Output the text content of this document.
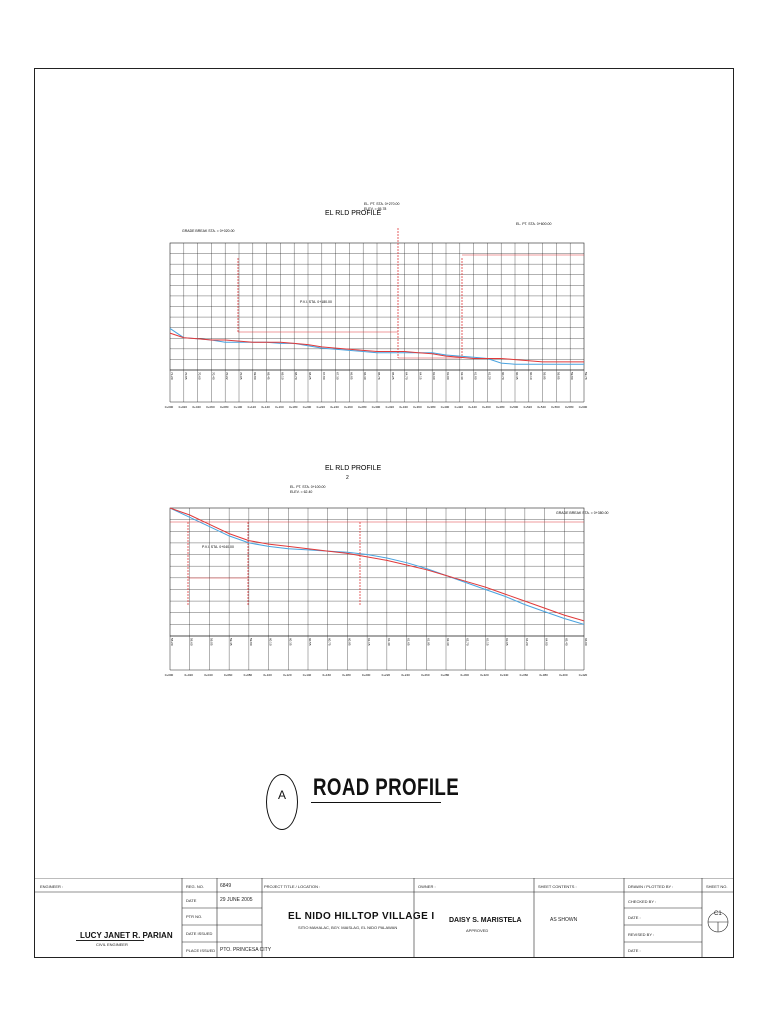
EL RLD PROFILE
EL. PT. STA. 0+270.00
ELEV. = 65.78
GRADE BREAK STA. = 0+020.00
EL. PT. STA. 0+600.00
P.V.I. STA. 0+180.00
71.20
0+000
70.85
0+020
70.60
0+040
70.40
0+060
70.22
0+080
70.05
0+100
69.80
0+120
69.45
0+140
69.10
0+160
68.70
0+180
68.25
0+200
67.80
0+220
67.30
0+240
66.85
0+260
66.30
0+280
65.78
0+300
65.25
0+320
64.70
0+340
64.15
0+360
63.60
0+380
63.00
0+400
62.40
0+420
61.80
0+440
61.20
0+460
60.70
0+480
60.35
0+500
60.10
0+520
59.95
0+540
59.85
0+560
59.80
0+580
59.78
0+600
EL RLD PROFILE
2
EL. PT. STA. 0+100.00
ELEV. = 62.40
GRADE BREAK STA. = 0+380.00
P.V.I. STA. 0+040.00
58.20
0+000
58.60
0+020
59.05
0+040
59.45
0+060
59.80
0+080
60.10
0+100
60.35
0+120
60.55
0+140
60.75
0+160
60.95
0+180
61.15
0+200
61.40
0+220
61.65
0+240
61.95
0+260
62.30
0+280
62.70
0+300
63.15
0+320
63.65
0+340
64.20
0+360
64.80
0+380
65.40
0+400
66.00
0+420
A	ROAD PROFILE
ENGINEER :
LUCY JANET R. PARIAN
CIVIL ENGINEER
REG. NO.	6849
DATE	29 JUNE 2005
PTR NO.
DATE ISSUED
PLACE ISSUED PTO. PRINCESA CITY
PROJECT TITLE / LOCATION :
EL NIDO HILLTOP VILLAGE I
SITIO MAHALAC, BGY. MAISLAG, EL NIDO PALAWAN
OWNER :
DAISY S. MARISTELA
APPROVED
SHEET CONTENTS :
AS SHOWN
DRAWN / PLOTTED BY :
CHECKED BY :
DATE :
REVISED BY :
DATE :
SHEET NO.
C1
